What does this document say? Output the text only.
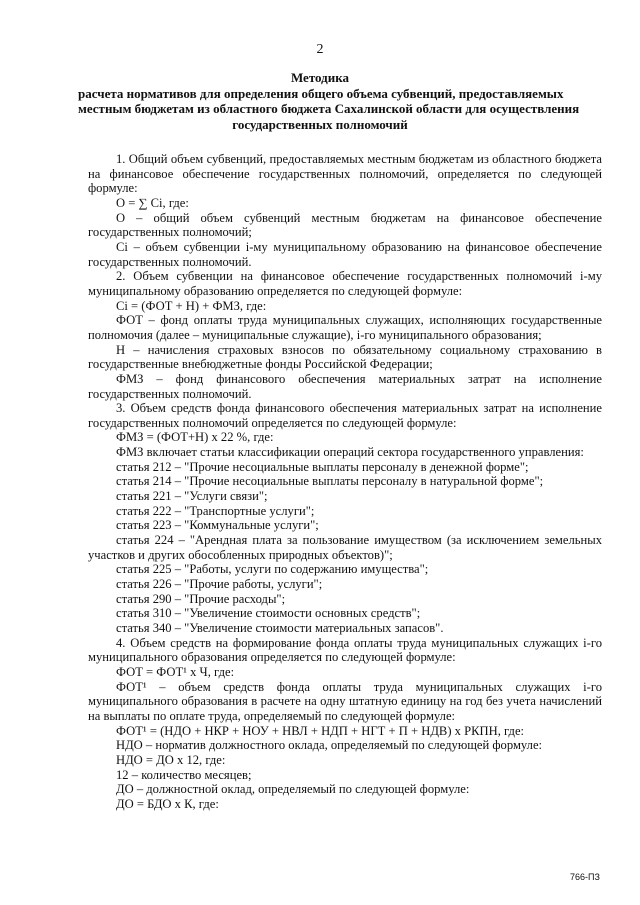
2
Методика
расчета нормативов для определения общего объема субвенций, предоставляемых
местным бюджетам из областного бюджета Сахалинской области для осуществления
государственных полномочий
1. Общий объем субвенций, предоставляемых местным бюджетам из областного бюджета на финансовое обеспечение государственных полномочий, определяется по следующей формуле:
О = ∑ Ci, где:
О – общий объем субвенций местным бюджетам на финансовое обеспечение государственных полномочий;
Ci – объем субвенции i-му муниципальному образованию на финансовое обеспечение государственных полномочий.
2. Объем субвенции на финансовое обеспечение государственных полномочий i-му муниципальному образованию определяется по следующей формуле:
Ci = (ФОТ + Н) + ФМЗ, где:
ФОТ – фонд оплаты труда муниципальных служащих, исполняющих государственные полномочия (далее – муниципальные служащие), i-го муниципального образования;
Н – начисления страховых взносов по обязательному социальному страхованию в государственные внебюджетные фонды Российской Федерации;
ФМЗ – фонд финансового обеспечения материальных затрат на исполнение государственных полномочий.
3. Объем средств фонда финансового обеспечения материальных затрат на исполнение государственных полномочий определяется по следующей формуле:
ФМЗ = (ФОТ+Н) х 22 %, где:
ФМЗ включает статьи классификации операций сектора государственного управления:
статья 212 – "Прочие несоциальные выплаты персоналу в денежной форме";
статья 214 – "Прочие несоциальные выплаты персоналу в натуральной форме";
статья 221 – "Услуги связи";
статья 222 – "Транспортные услуги";
статья 223 – "Коммунальные услуги";
статья 224 – "Арендная плата за пользование имуществом (за исключением земельных участков и других обособленных природных объектов)";
статья 225 – "Работы, услуги по содержанию имущества";
статья 226 – "Прочие работы, услуги";
статья 290 – "Прочие расходы";
статья 310 – "Увеличение стоимости основных средств";
статья 340 – "Увеличение стоимости материальных запасов".
4. Объем средств на формирование фонда оплаты труда муниципальных служащих i-го муниципального образования определяется по следующей формуле:
ФОТ = ФОТ¹ х Ч, где:
ФОТ¹ – объем средств фонда оплаты труда муниципальных служащих i-го муниципального образования в расчете на одну штатную единицу на год без учета начислений на выплаты по оплате труда, определяемый по следующей формуле:
ФОТ¹ = (НДО + НКР + НОУ + НВЛ + НДП + НГТ + П + НДВ) х РКПН, где:
НДО – норматив должностного оклада, определяемый по следующей формуле:
НДО = ДО х 12, где:
12 – количество месяцев;
ДО – должностной оклад, определяемый по следующей формуле:
ДО = БДО х К, где:
766-ПЗ
